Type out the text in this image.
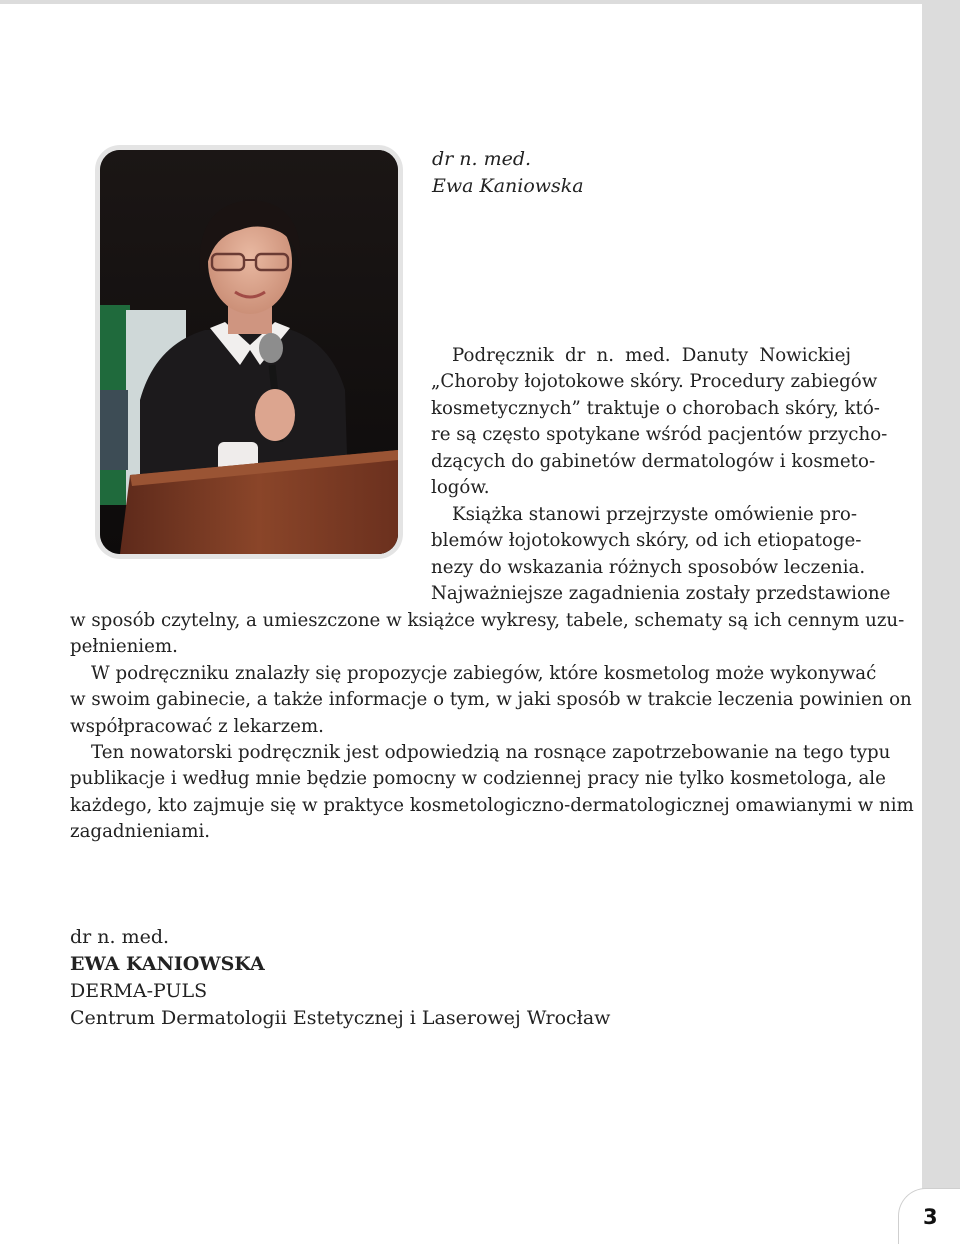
dr n. med.
Ewa Kaniowska
Podręcznik dr n. med. Danuty Nowickiej
„Choroby łojotokowe skóry. Procedury zabiegów
kosmetycznych” traktuje o chorobach skóry, któ-
re są często spotykane wśród pacjentów przycho-
dzących do gabinetów dermatologów i kosmeto-
logów.
Książka stanowi przejrzyste omówienie pro-
blemów łojotokowych skóry, od ich etiopatoge-
nezy do wskazania różnych sposobów leczenia.
Najważniejsze zagadnienia zostały przedstawione
w sposób czytelny, a umieszczone w książce wykresy, tabele, schematy są ich cennym uzu-
pełnieniem.
W podręczniku znalazły się propozycje zabiegów, które kosmetolog może wykonywać
w swoim gabinecie, a także informacje o tym, w jaki sposób w trakcie leczenia powinien on
współpracować z lekarzem.
Ten nowatorski podręcznik jest odpowiedzią na rosnące zapotrzebowanie na tego typu
publikacje i według mnie będzie pomocny w codziennej pracy nie tylko kosmetologa, ale
każdego, kto zajmuje się w praktyce kosmetologiczno-dermatologicznej omawianymi w nim
zagadnieniami.
dr n. med.
EWA KANIOWSKA
DERMA-PULS
Centrum Dermatologii Estetycznej i Laserowej Wrocław
3
